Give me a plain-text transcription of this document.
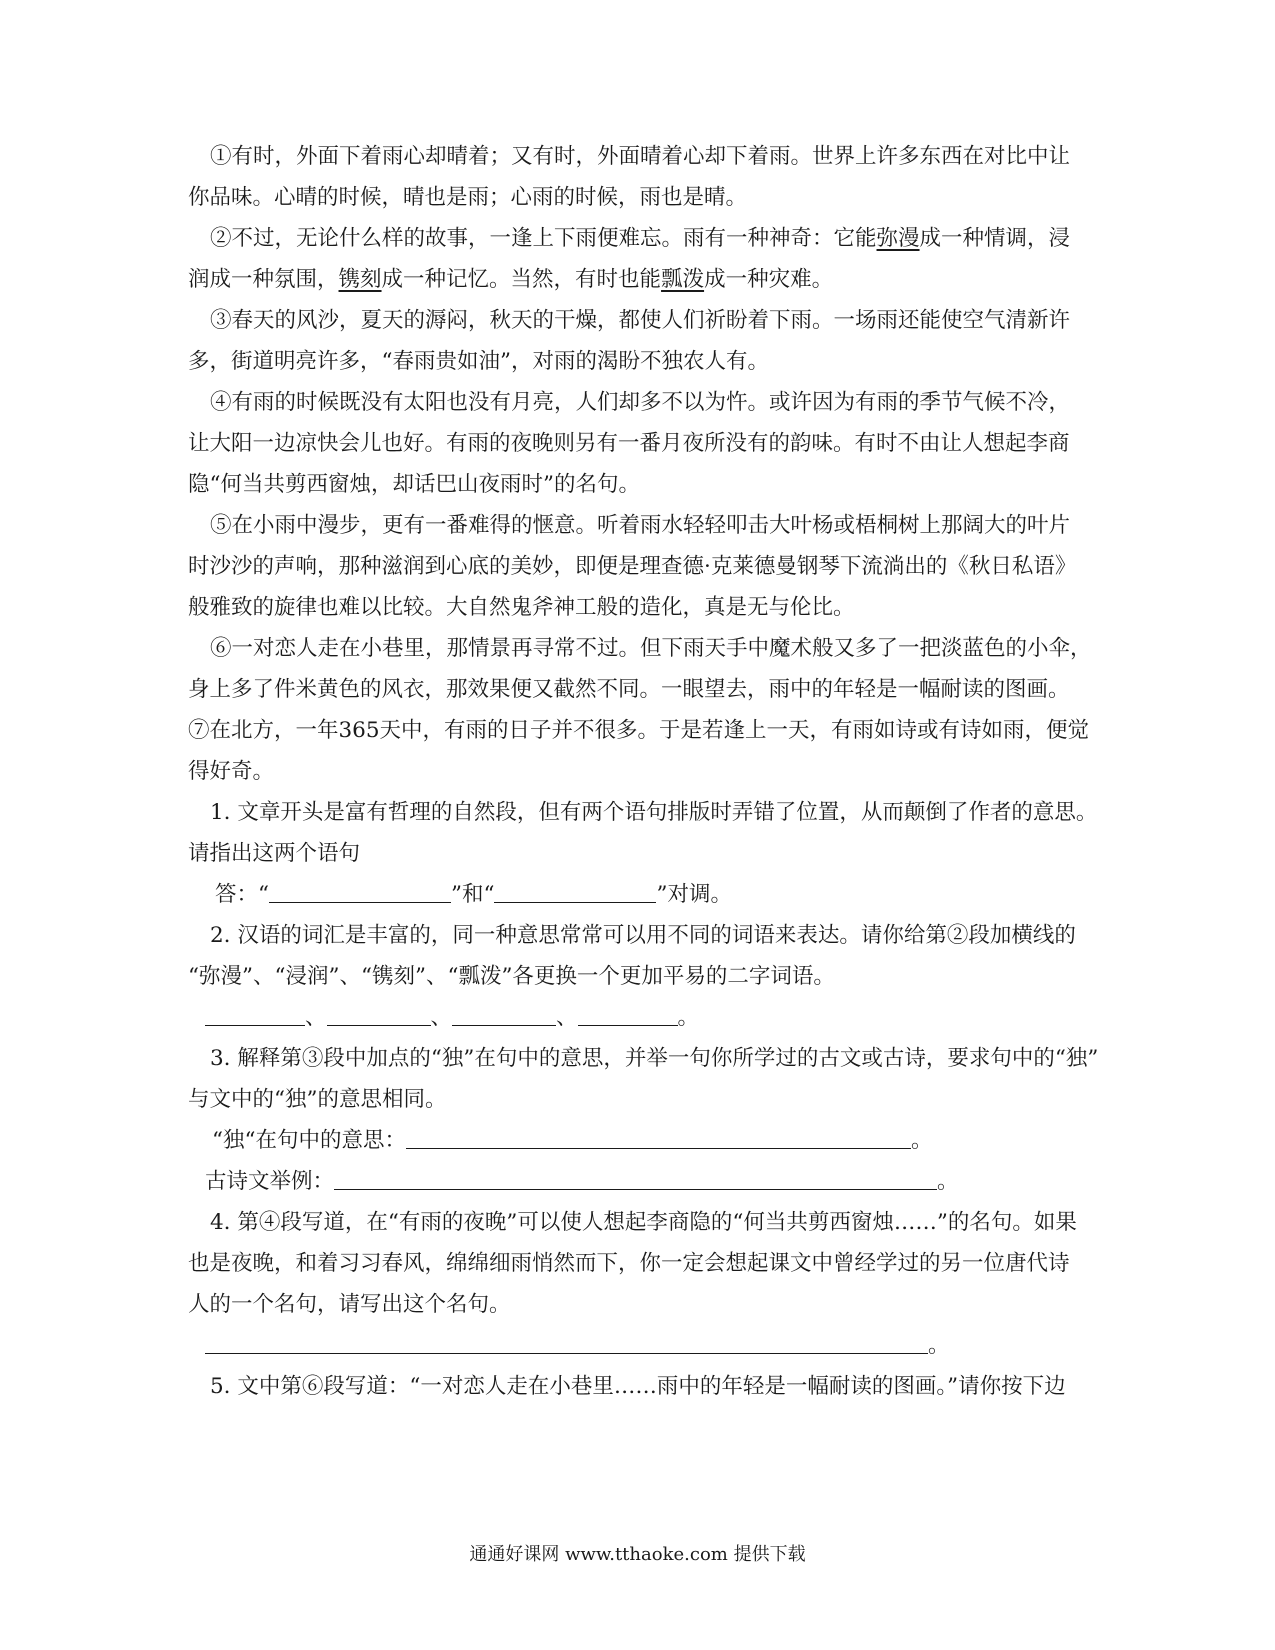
①有时，外面下着雨心却晴着；又有时，外面晴着心却下着雨。世界上许多东西在对比中让
你品味。心晴的时候，晴也是雨；心雨的时候，雨也是晴。
②不过，无论什么样的故事，一逢上下雨便难忘。雨有一种神奇：它能弥漫成一种情调，浸
润成一种氛围，镌刻成一种记忆。当然，有时也能瓢泼成一种灾难。
③春天的风沙，夏天的溽闷，秋天的干燥，都使人们祈盼着下雨。一场雨还能使空气清新许
多，街道明亮许多，“春雨贵如油”，对雨的渴盼不独农人有。
④有雨的时候既没有太阳也没有月亮，人们却多不以为忤。或许因为有雨的季节气候不冷，
让大阳一边凉快会儿也好。有雨的夜晚则另有一番月夜所没有的韵味。有时不由让人想起李商
隐“何当共剪西窗烛，却话巴山夜雨时”的名句。
⑤在小雨中漫步，更有一番难得的惬意。听着雨水轻轻叩击大叶杨或梧桐树上那阔大的叶片
时沙沙的声响，那种滋润到心底的美妙，即便是理查德·克莱德曼钢琴下流淌出的《秋日私语》
般雅致的旋律也难以比较。大自然鬼斧神工般的造化，真是无与伦比。
⑥一对恋人走在小巷里，那情景再寻常不过。但下雨天手中魔术般又多了一把淡蓝色的小伞，
身上多了件米黄色的风衣，那效果便又截然不同。一眼望去，雨中的年轻是一幅耐读的图画。
⑦在北方，一年365天中，有雨的日子并不很多。于是若逢上一天，有雨如诗或有诗如雨，便觉
得好奇。
1. 文章开头是富有哲理的自然段，但有两个语句排版时弄错了位置，从而颠倒了作者的意思。
请指出这两个语句
答：“	”和“	”对调。
2. 汉语的词汇是丰富的，同一种意思常常可以用不同的词语来表达。请你给第②段加横线的
“弥漫”、“浸润”、“镌刻”、“瓢泼”各更换一个更加平易的二字词语。
、	、	、	。
3. 解释第③段中加点的“独”在句中的意思，并举一句你所学过的古文或古诗，要求句中的“独”
与文中的“独”的意思相同。
“独“在句中的意思：	。
古诗文举例：	。
4. 第④段写道，在“有雨的夜晚”可以使人想起李商隐的“何当共剪西窗烛……”的名句。如果
也是夜晚，和着习习春风，绵绵细雨悄然而下，你一定会想起课文中曾经学过的另一位唐代诗
人的一个名句，请写出这个名句。
。
5. 文中第⑥段写道：“一对恋人走在小巷里……雨中的年轻是一幅耐读的图画。”请你按下边
通通好课网 www.tthaoke.com 提供下载
